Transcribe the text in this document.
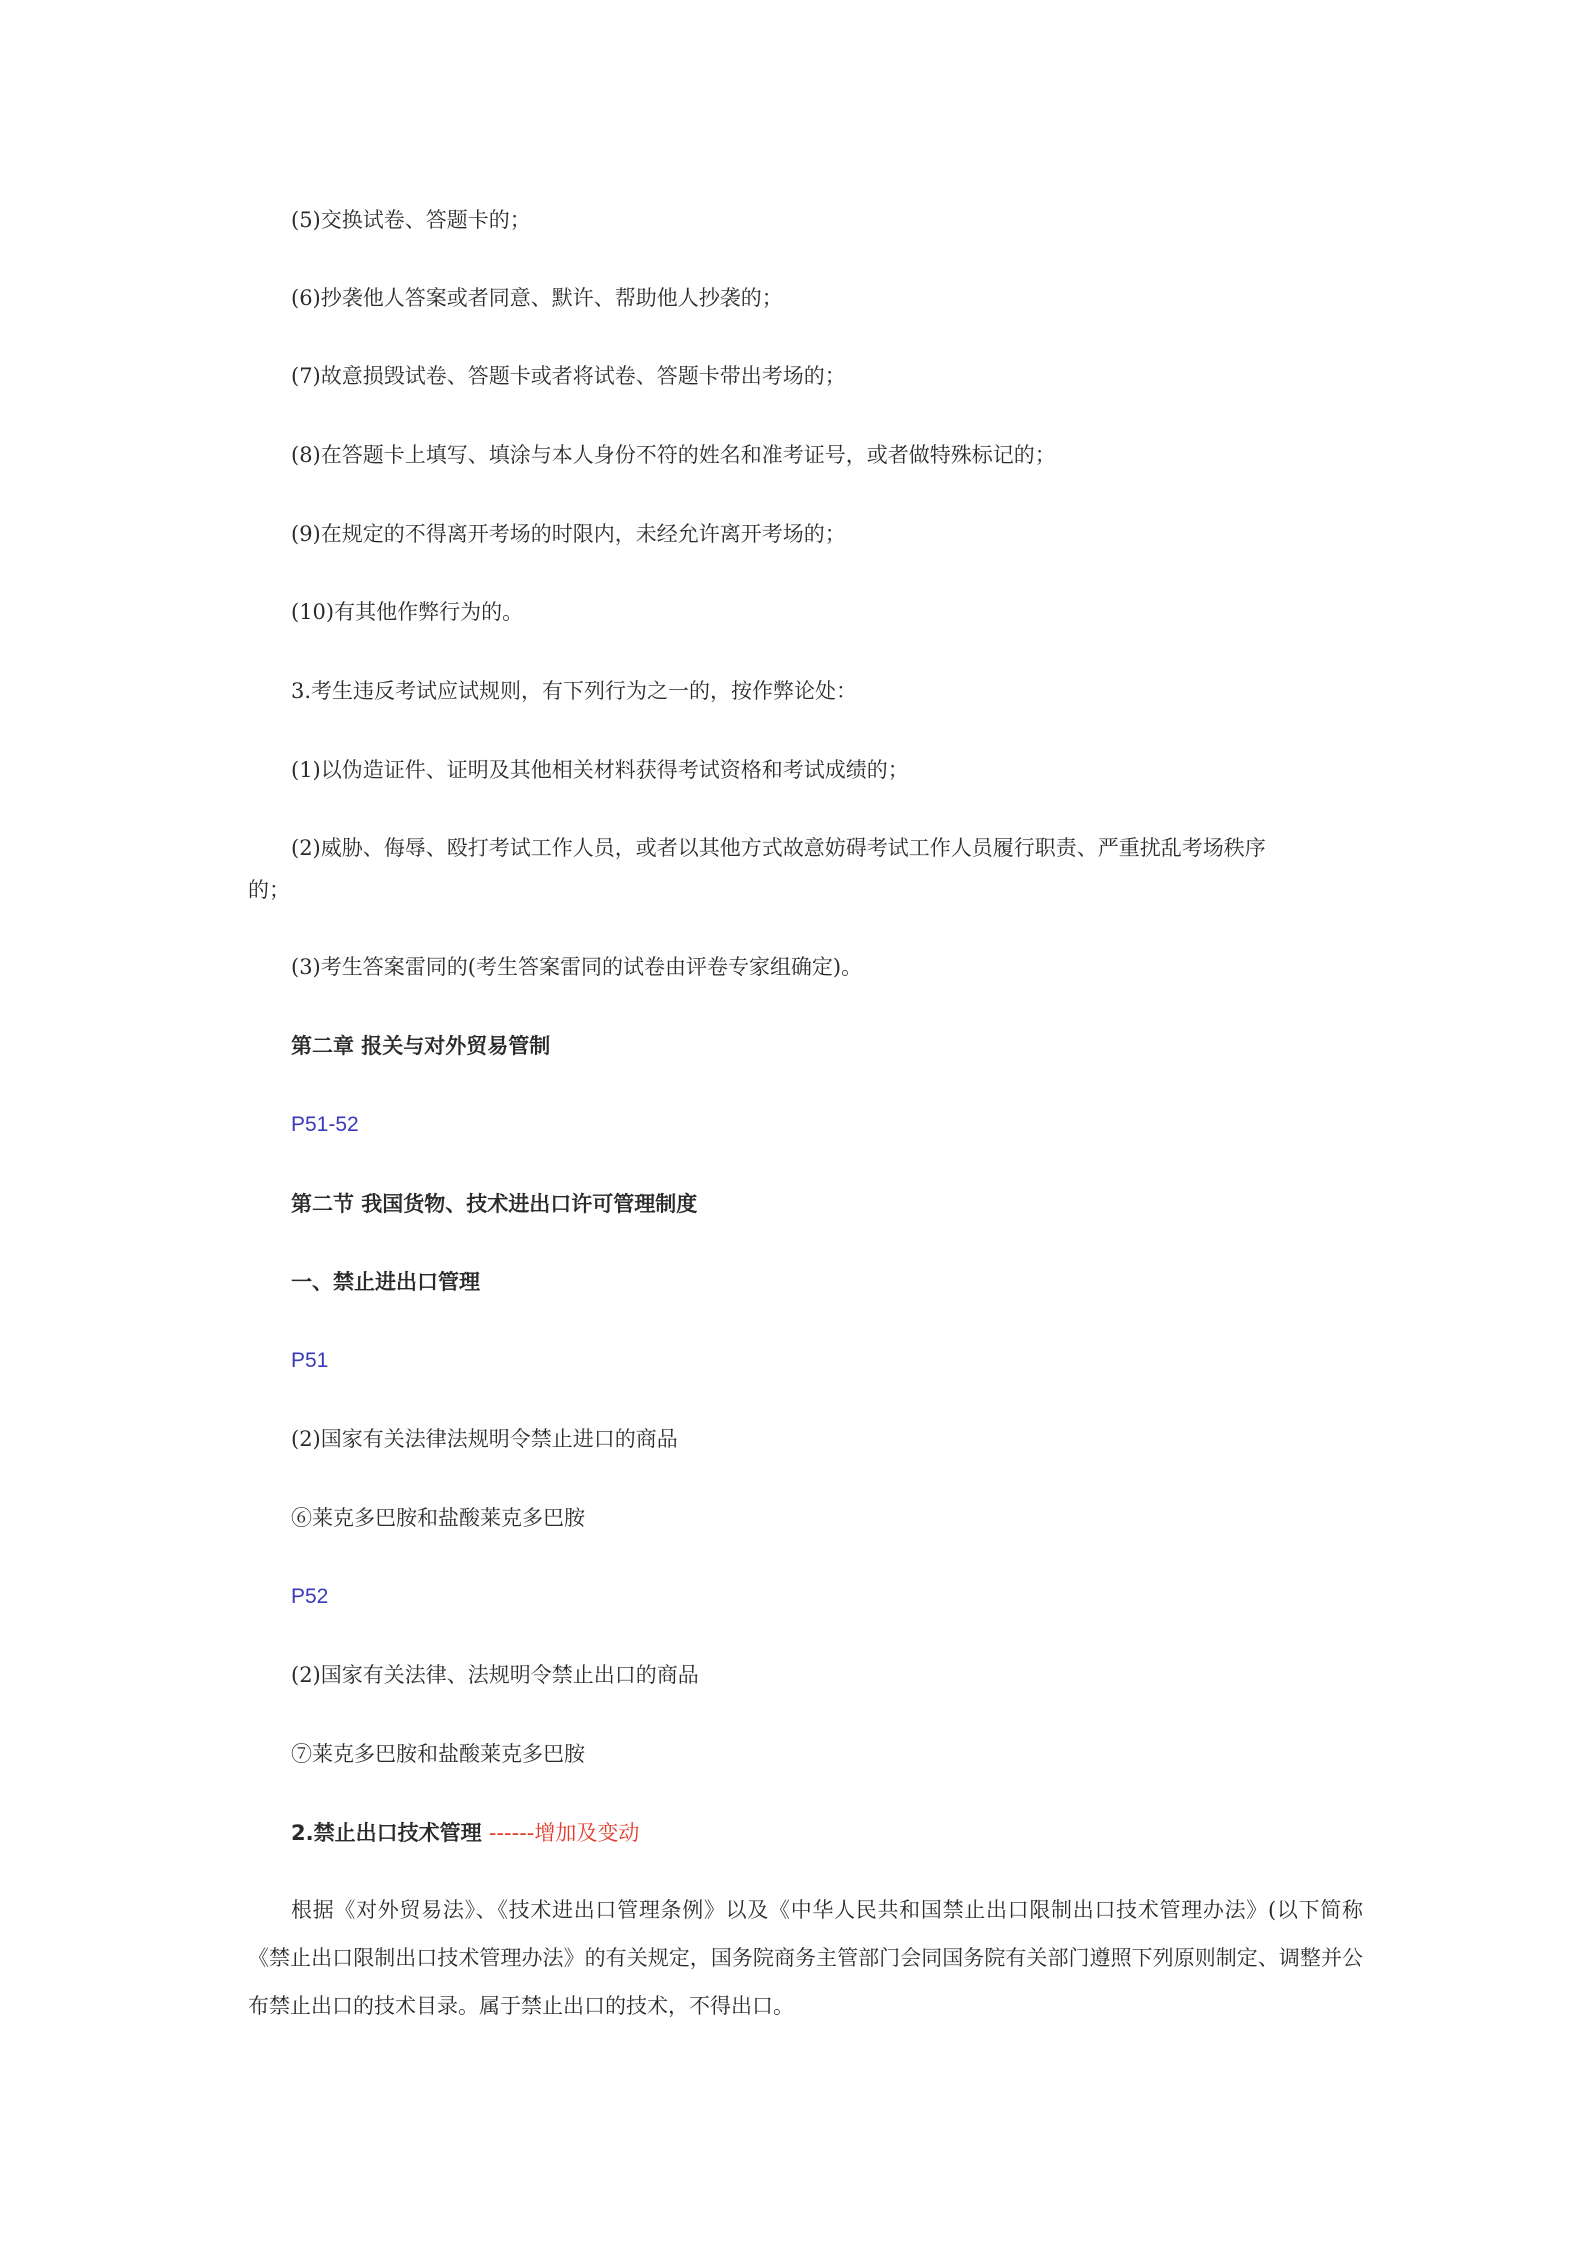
(5)交换试卷、答题卡的；
(6)抄袭他人答案或者同意、默许、帮助他人抄袭的；
(7)故意损毁试卷、答题卡或者将试卷、答题卡带出考场的；
(8)在答题卡上填写、填涂与本人身份不符的姓名和准考证号，或者做特殊标记的；
(9)在规定的不得离开考场的时限内，未经允许离开考场的；
(10)有其他作弊行为的。
3.考生违反考试应试规则，有下列行为之一的，按作弊论处：
(1)以伪造证件、证明及其他相关材料获得考试资格和考试成绩的；
(2)威胁、侮辱、殴打考试工作人员，或者以其他方式故意妨碍考试工作人员履行职责、严重扰乱考场秩序
的；
(3)考生答案雷同的(考生答案雷同的试卷由评卷专家组确定)。
第二章 报关与对外贸易管制
P51-52
第二节 我国货物、技术进出口许可管理制度
一、禁止进出口管理
P51
(2)国家有关法律法规明令禁止进口的商品
⑥莱克多巴胺和盐酸莱克多巴胺
P52
(2)国家有关法律、法规明令禁止出口的商品
⑦莱克多巴胺和盐酸莱克多巴胺
2.禁止出口技术管理 ------增加及变动
根据《对外贸易法》、《技术进出口管理条例》以及《中华人民共和国禁止出口限制出口技术管理办法》(以下简称《禁止出口限制出口技术管理办法》的有关规定，国务院商务主管部门会同国务院有关部门遵照下列原则制定、调整并公布禁止出口的技术目录。属于禁止出口的技术，不得出口。
